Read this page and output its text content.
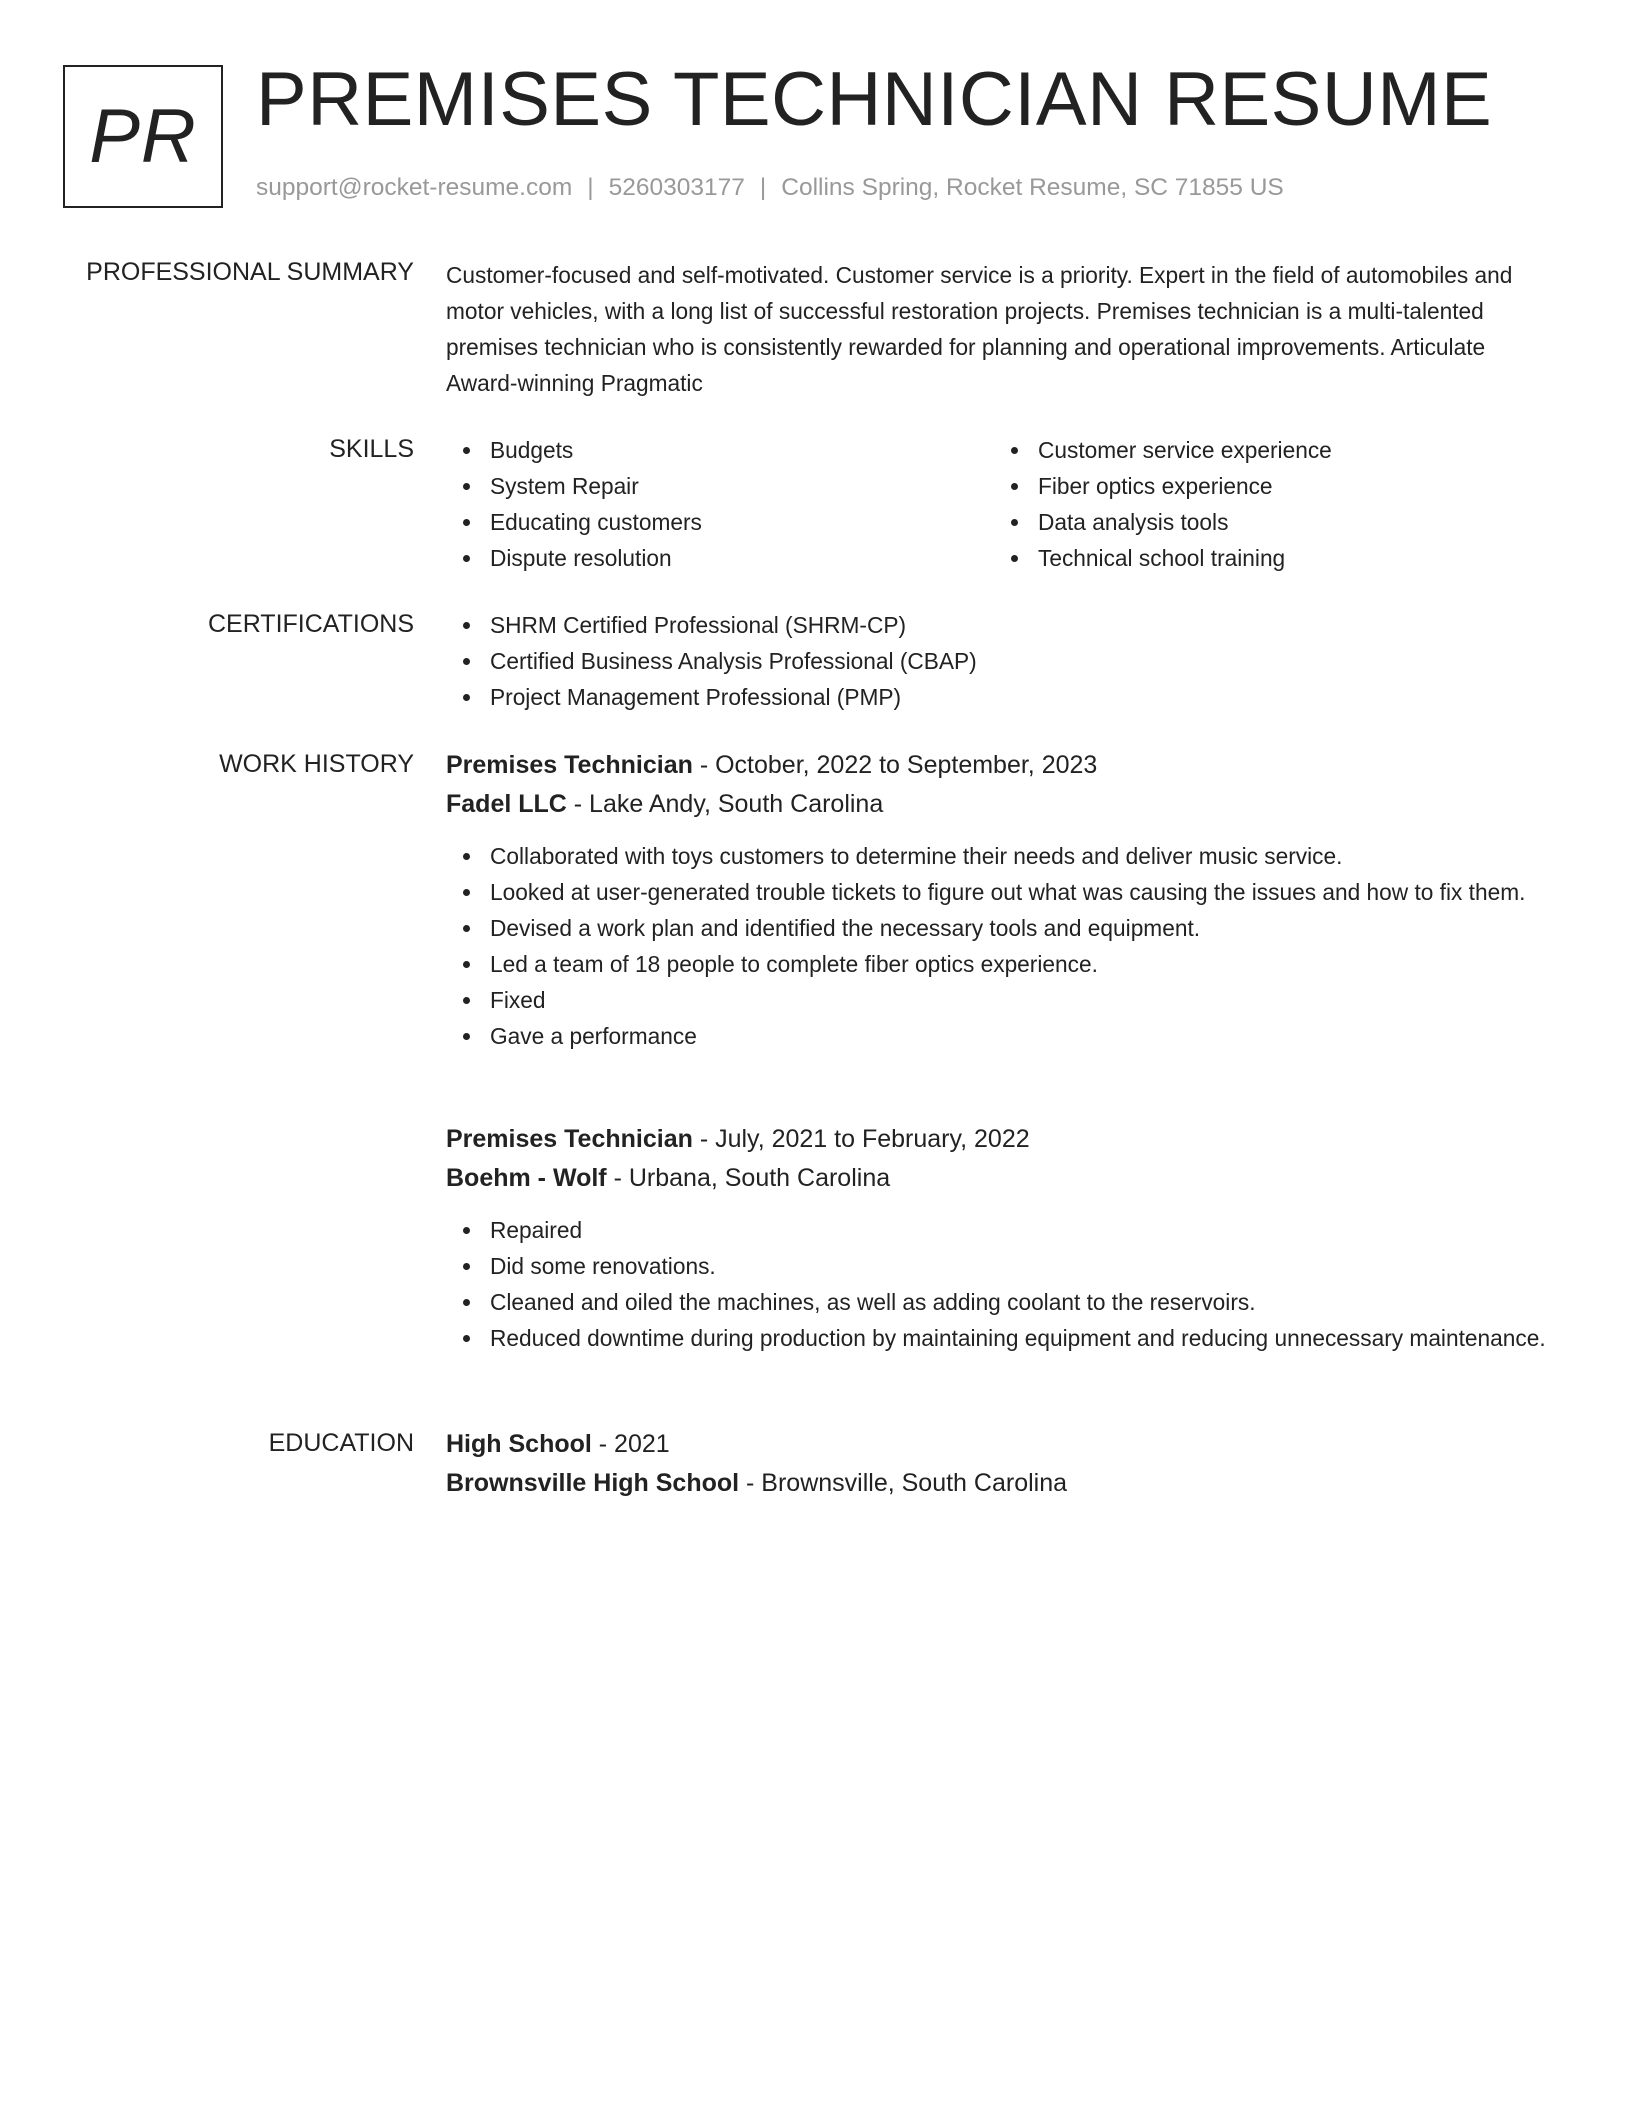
PR PREMISES TECHNICIAN RESUME
support@rocket-resume.com | 5260303177 | Collins Spring, Rocket Resume, SC 71855 US
PROFESSIONAL SUMMARY Customer-focused and self-motivated. Customer service is a priority. Expert in the field of automobiles and motor vehicles, with a long list of successful restoration projects. Premises technician is a multi-talented premises technician who is consistently rewarded for planning and operational improvements. Articulate Award-winning Pragmatic
SKILLS	Budgets
System Repair
Educating customers
Dispute resolution
Customer service experience
Fiber optics experience
Data analysis tools
Technical school training
CERTIFICATIONS	SHRM Certified Professional (SHRM-CP)
Certified Business Analysis Professional (CBAP)
Project Management Professional (PMP)
WORK HISTORY Premises Technician - October, 2022 to September, 2023
Fadel LLC - Lake Andy, South Carolina
Collaborated with toys customers to determine their needs and deliver music service.
Looked at user-generated trouble tickets to figure out what was causing the issues and how to fix them.
Devised a work plan and identified the necessary tools and equipment.
Led a team of 18 people to complete fiber optics experience.
Fixed
Gave a performance
Premises Technician - July, 2021 to February, 2022
Boehm - Wolf - Urbana, South Carolina
Repaired
Did some renovations.
Cleaned and oiled the machines, as well as adding coolant to the reservoirs.
Reduced downtime during production by maintaining equipment and reducing unnecessary maintenance.
EDUCATION High School - 2021
Brownsville High School - Brownsville, South Carolina
